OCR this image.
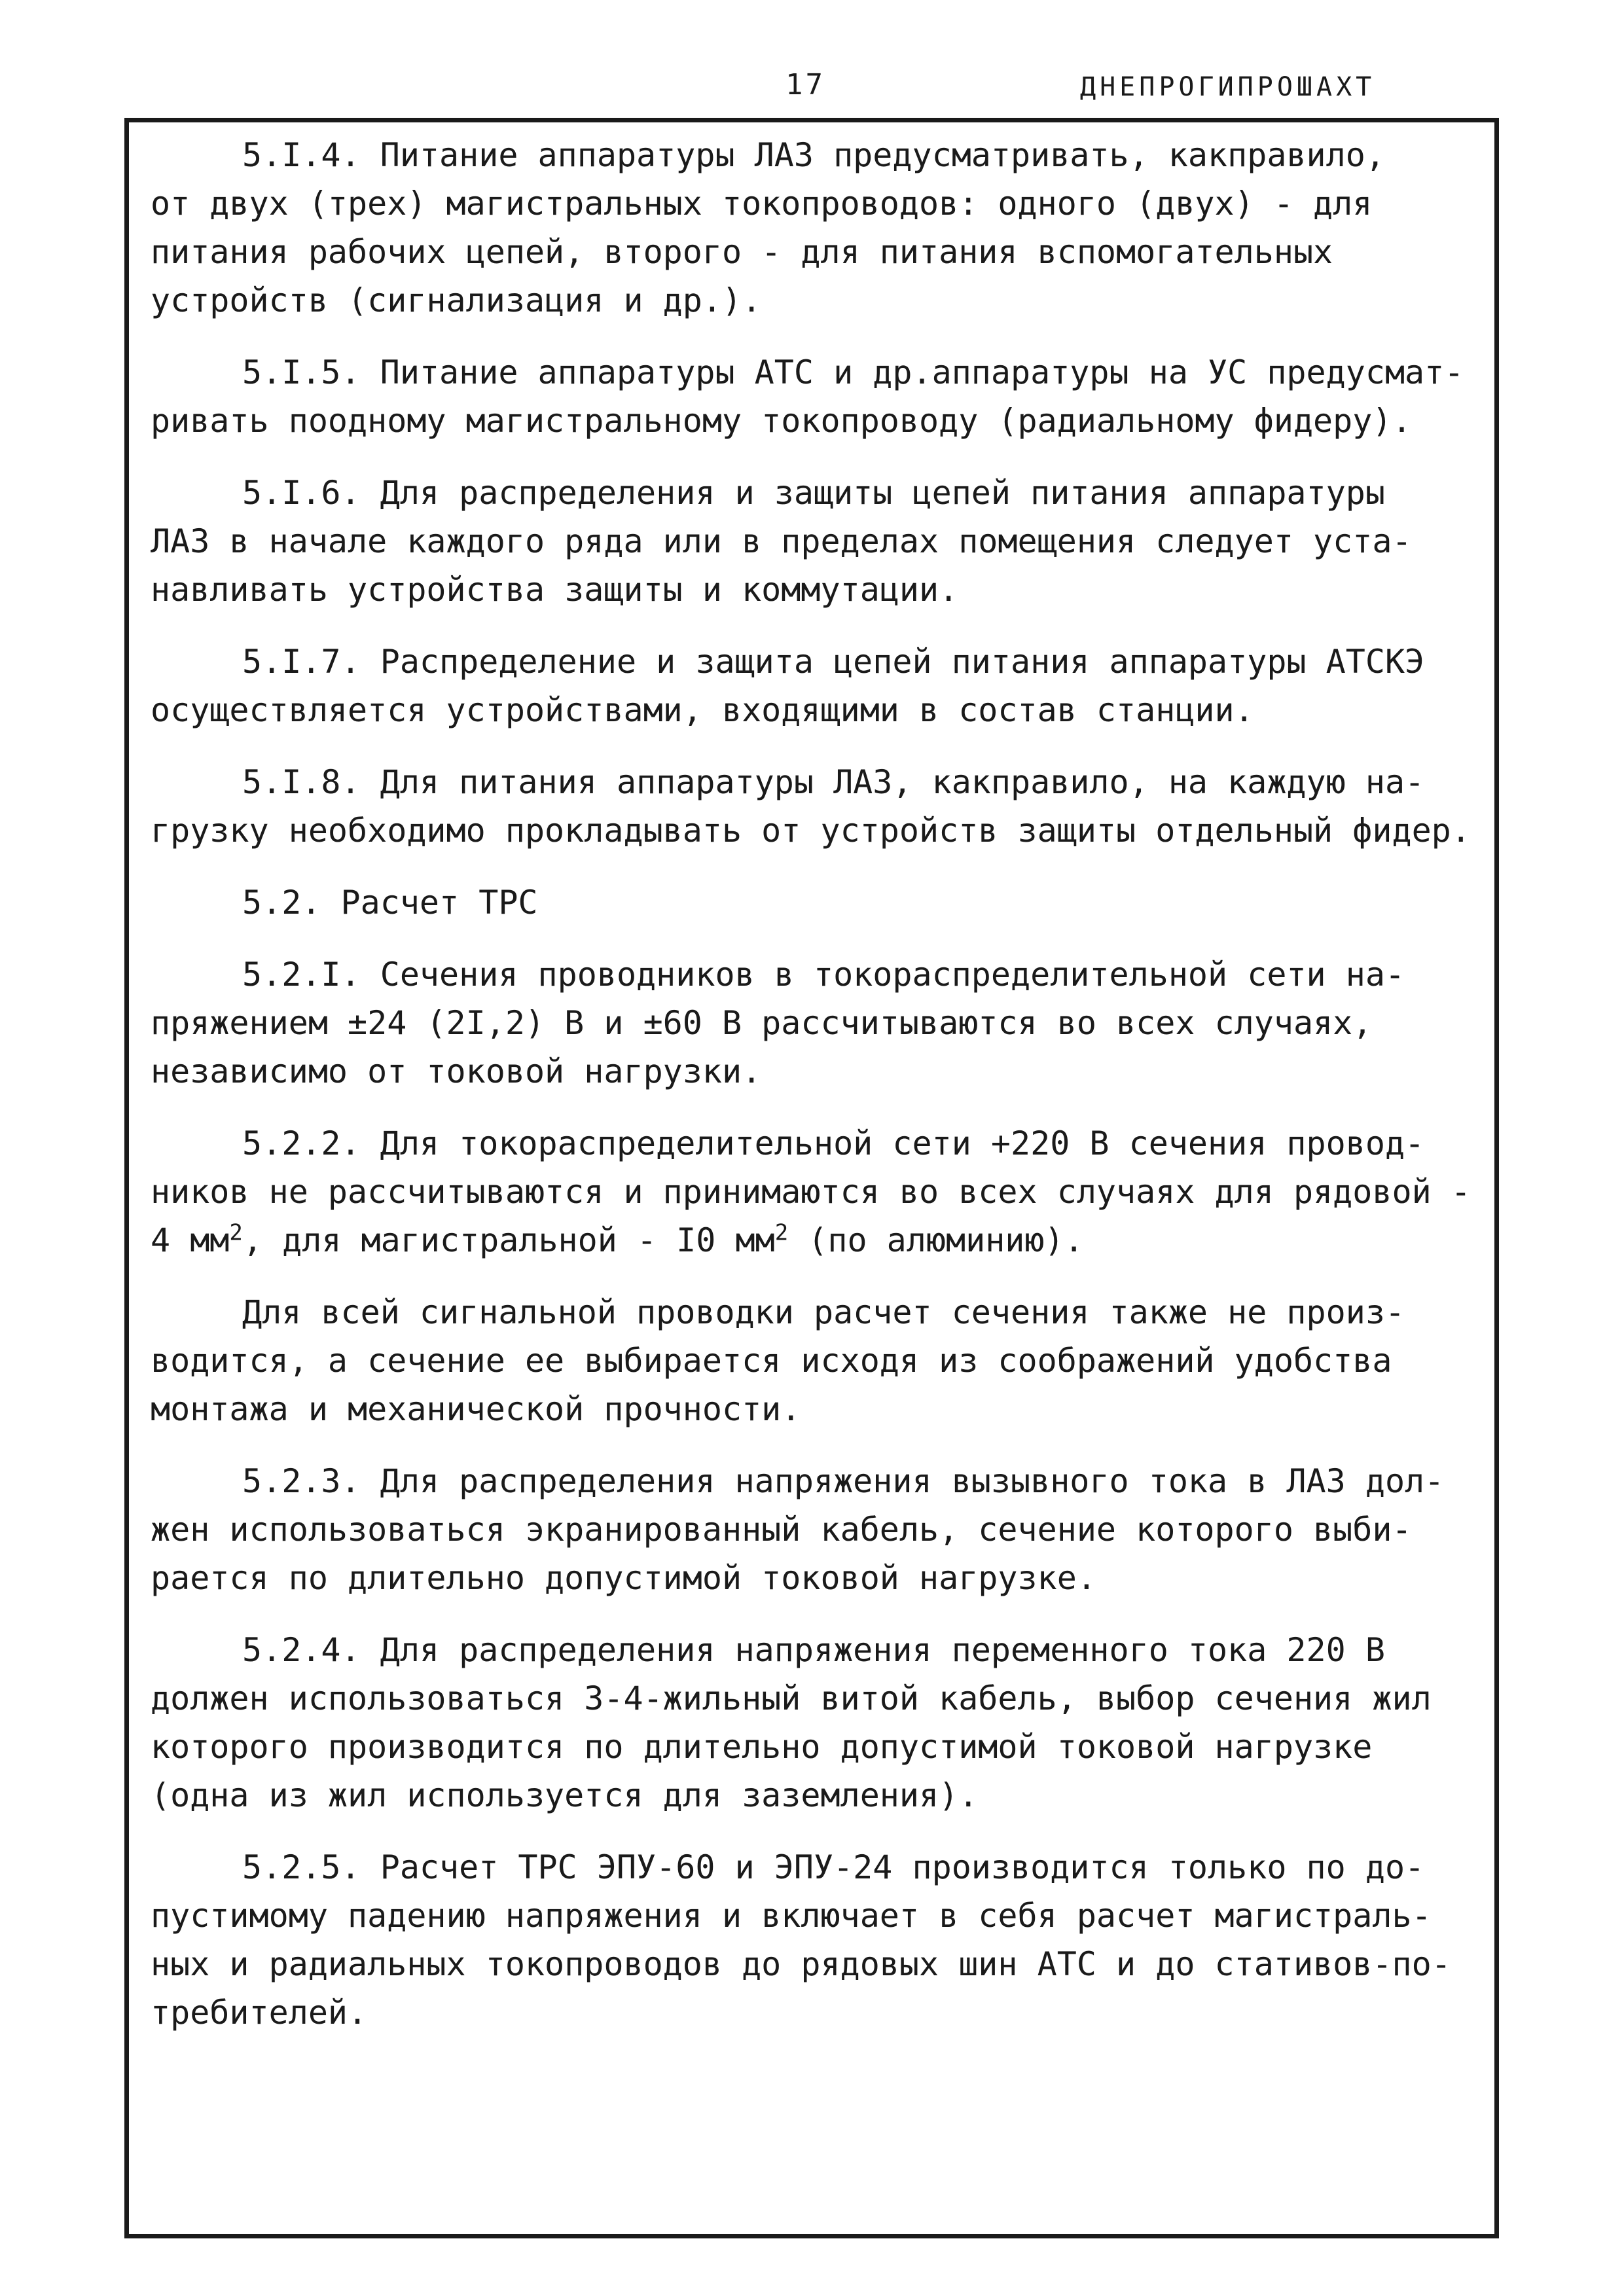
17	ДНЕПРОГИПРОШАХТ
5.I.4. Питание аппаратуры ЛАЗ предусматривать, какправило,
от двух (трех) магистральных токопроводов: одного (двух) - для
питания рабочих цепей, второго - для питания вспомогательных
устройств (сигнализация и др.).
5.I.5. Питание аппаратуры АТС и др.аппаратуры на УС предусмат-
ривать поодному магистральному токопроводу (радиальному фидеру).
5.I.6. Для распределения и защиты цепей питания аппаратуры
ЛАЗ в начале каждого ряда или в пределах помещения следует уста-
навливать устройства защиты и коммутации.
5.I.7. Распределение и защита цепей питания аппаратуры АТСКЭ
осуществляется устройствами, входящими в состав станции.
5.I.8. Для питания аппаратуры ЛАЗ, какправило, на каждую на-
грузку необходимо прокладывать от устройств защиты отдельный фидер.
5.2. Расчет ТРС
5.2.I. Сечения проводников в токораспределительной сети на-
пряжением ±24 (2I,2) В и ±60 В рассчитываются во всех случаях,
независимо от токовой нагрузки.
5.2.2. Для токораспределительной сети +220 В сечения провод-
ников не рассчитываются и принимаются во всех случаях для рядовой -
4 $мм^2$, для магистральной - I0 $мм^2$ (по алюминию).
Для всей сигнальной проводки расчет сечения также не произ-
водится, а сечение ее выбирается исходя из соображений удобства
монтажа и механической прочности.
5.2.3. Для распределения напряжения вызывного тока в ЛАЗ дол-
жен использоваться экранированный кабель, сечение которого выби-
рается по длительно допустимой токовой нагрузке.
5.2.4. Для распределения напряжения переменного тока 220 В
должен использоваться 3-4-жильный витой кабель, выбор сечения жил
которого производится по длительно допустимой токовой нагрузке
(одна из жил используется для заземления).
5.2.5. Расчет ТРС ЭПУ-60 и ЭПУ-24 производится только по до-
пустимому падению напряжения и включает в себя расчет магистраль-
ных и радиальных токопроводов до рядовых шин АТС и до стативов-по-
требителей.
